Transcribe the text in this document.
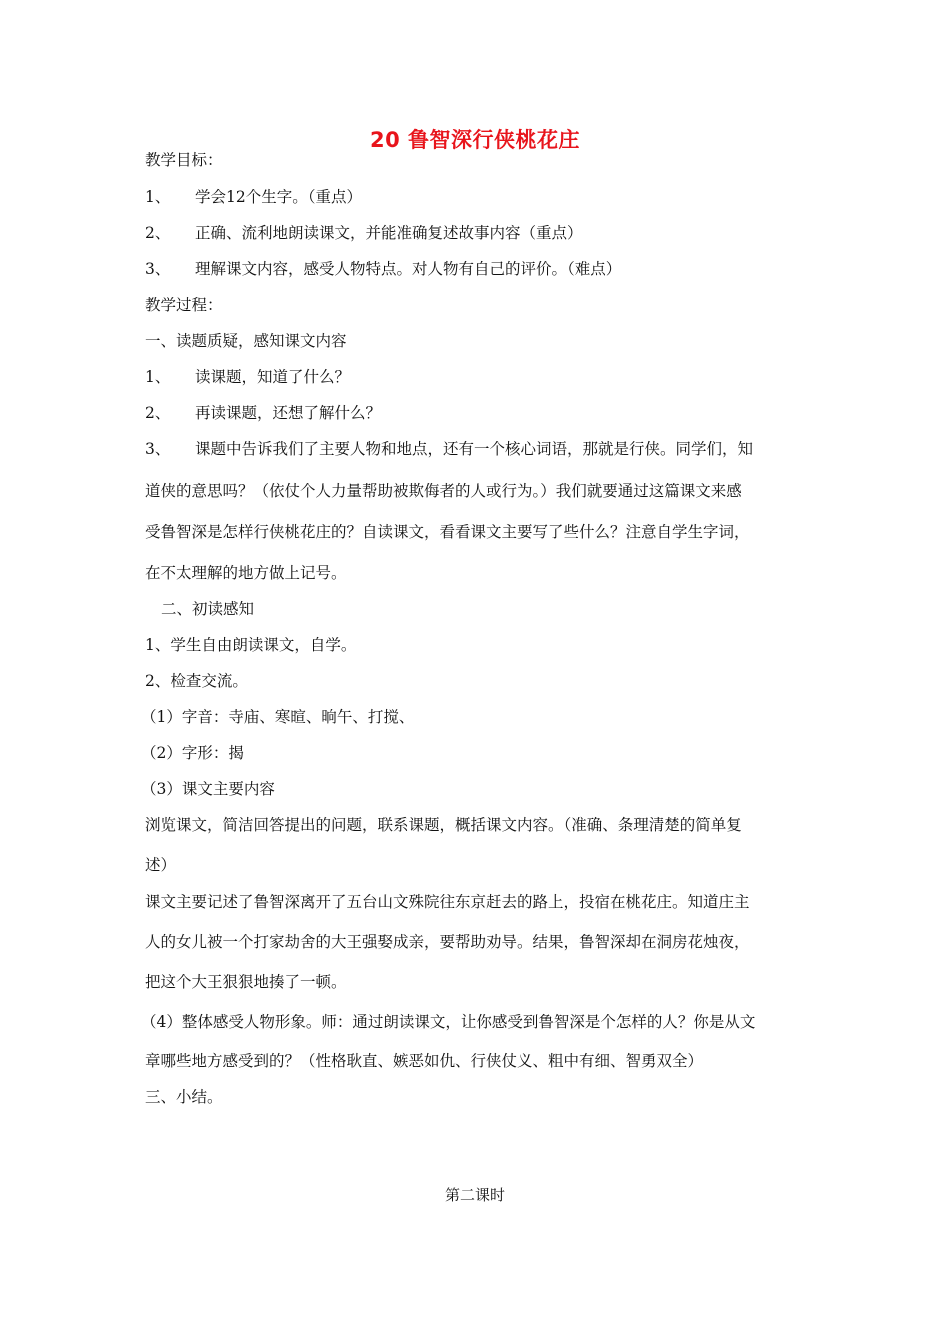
20 鲁智深行侠桃花庄
教学目标：
1、 学会12个生字。（重点）
2、 正确、流利地朗读课文，并能准确复述故事内容（重点）
3、 理解课文内容，感受人物特点。对人物有自己的评价。（难点）
教学过程：
一、读题质疑，感知课文内容
1、 读课题，知道了什么？
2、 再读课题，还想了解什么？
3、 课题中告诉我们了主要人物和地点，还有一个核心词语，那就是行侠。同学们，知
道侠的意思吗？（依仗个人力量帮助被欺侮者的人或行为。）我们就要通过这篇课文来感
受鲁智深是怎样行侠桃花庄的？自读课文，看看课文主要写了些什么？注意自学生字词，
在不太理解的地方做上记号。
二、初读感知
1、学生自由朗读课文，自学。
2、检查交流。
（1）字音：寺庙、寒暄、晌午、打搅、
（2）字形：揭
（3）课文主要内容
浏览课文，简洁回答提出的问题，联系课题，概括课文内容。（准确、条理清楚的简单复
述）
课文主要记述了鲁智深离开了五台山文殊院往东京赶去的路上，投宿在桃花庄。知道庄主
人的女儿被一个打家劫舍的大王强娶成亲，要帮助劝导。结果，鲁智深却在洞房花烛夜，
把这个大王狠狠地揍了一顿。
（4）整体感受人物形象。师：通过朗读课文，让你感受到鲁智深是个怎样的人？你是从文
章哪些地方感受到的？（性格耿直、嫉恶如仇、行侠仗义、粗中有细、智勇双全）
三、小结。
第二课时
